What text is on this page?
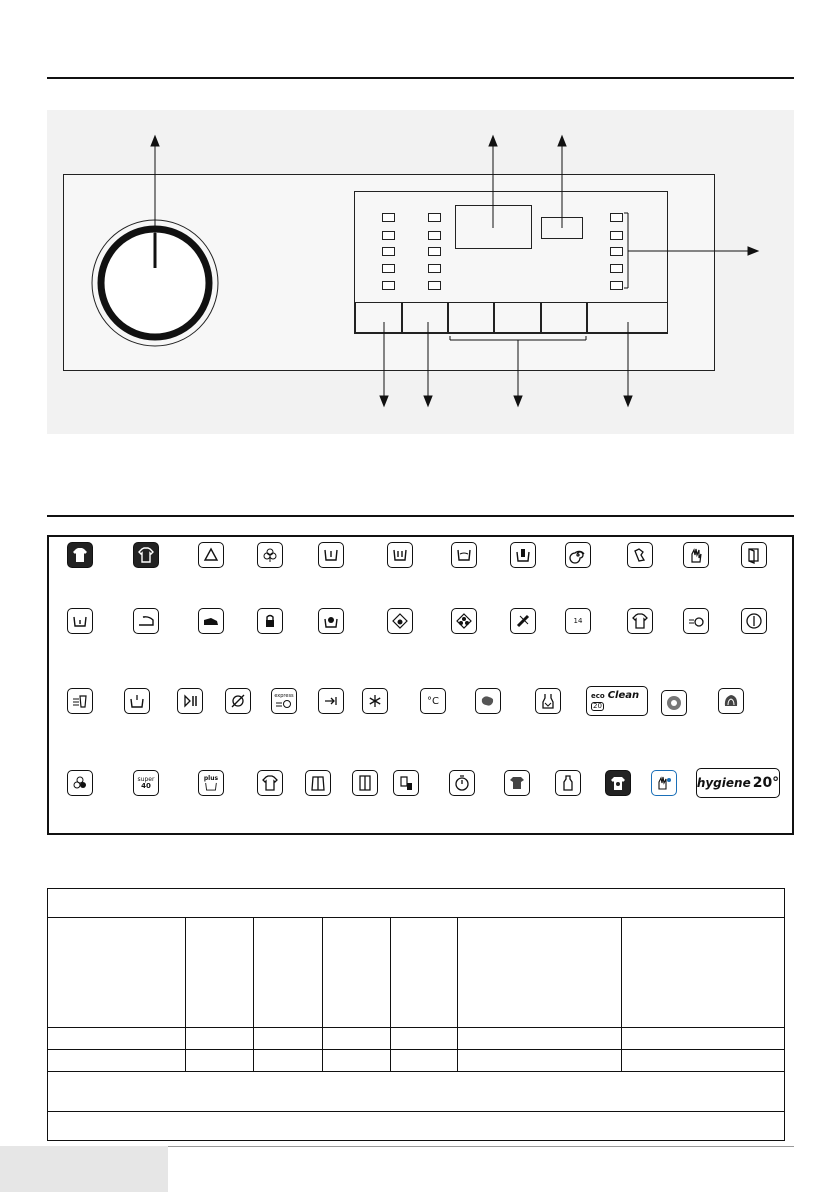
14
express	°C	eco Clean
20
super
40
plus	hygiene 20°
